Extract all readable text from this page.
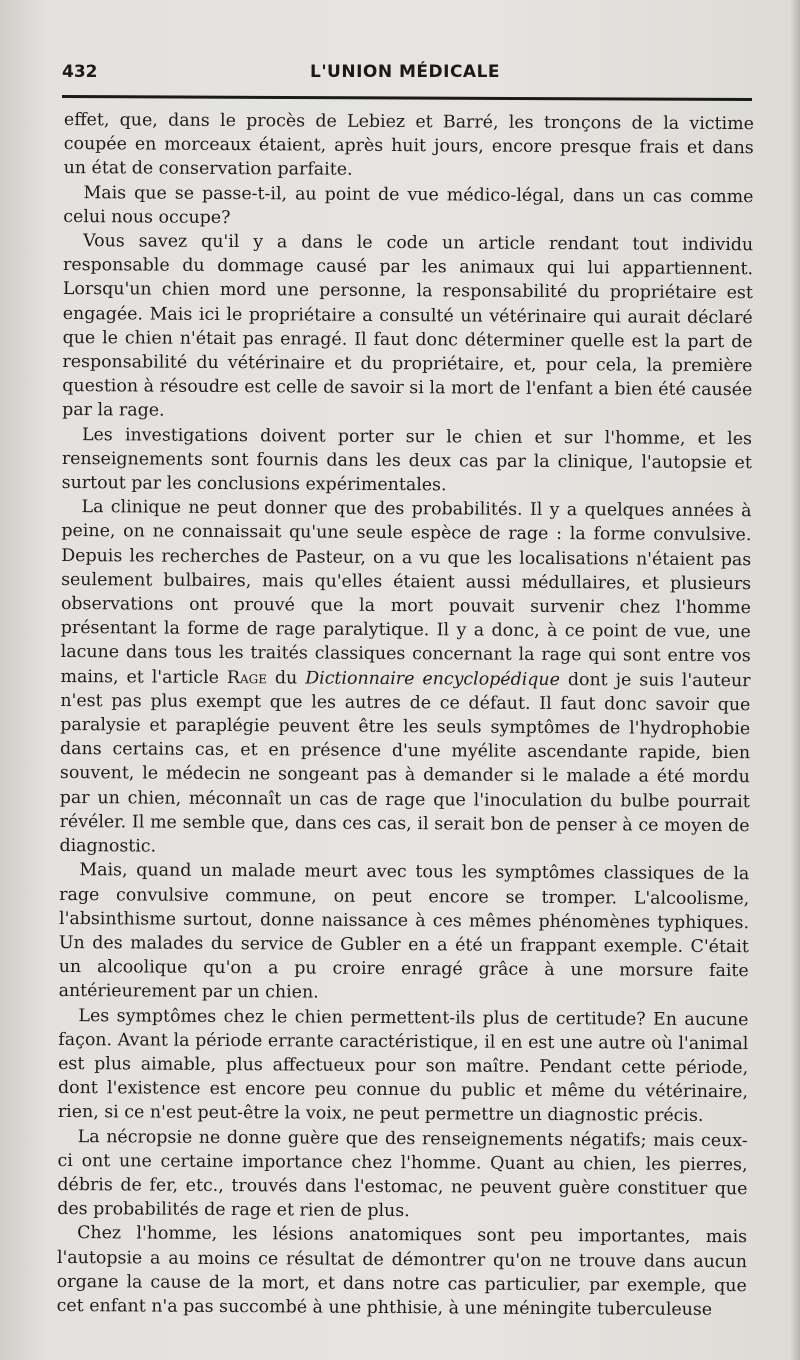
432	L'UNION MÉDICALE

effet, que, dans le procès de Lebiez et Barré, les tronçons de la victime coupée en morceaux étaient, après huit jours, encore presque frais et dans un état de conservation parfaite.

Mais que se passe-t-il, au point de vue médico-légal, dans un cas comme celui nous occupe?

Vous savez qu'il y a dans le code un article rendant tout individu responsable du dommage causé par les animaux qui lui appartiennent. Lorsqu'un chien mord une personne, la responsabilité du propriétaire est engagée. Mais ici le propriétaire a consulté un vétérinaire qui aurait déclaré que le chien n'était pas enragé. Il faut donc déterminer quelle est la part de responsabilité du vétérinaire et du propriétaire, et, pour cela, la première question à résoudre est celle de savoir si la mort de l'enfant a bien été causée par la rage.

Les investigations doivent porter sur le chien et sur l'homme, et les renseignements sont fournis dans les deux cas par la clinique, l'autopsie et surtout par les conclusions expérimentales.

La clinique ne peut donner que des probabilités. Il y a quelques années à peine, on ne connaissait qu'une seule espèce de rage : la forme convulsive. Depuis les recherches de Pasteur, on a vu que les localisations n'étaient pas seulement bulbaires, mais qu'elles étaient aussi médullaires, et plusieurs observations ont prouvé que la mort pouvait survenir chez l'homme présentant la forme de rage paralytique. Il y a donc, à ce point de vue, une lacune dans tous les traités classiques concernant la rage qui sont entre vos mains, et l'article Rage du Dictionnaire encyclopédique dont je suis l'auteur n'est pas plus exempt que les autres de ce défaut. Il faut donc savoir que paralysie et paraplégie peuvent être les seuls symptômes de l'hydrophobie dans certains cas, et en présence d'une myélite ascendante rapide, bien souvent, le médecin ne songeant pas à demander si le malade a été mordu par un chien, méconnaît un cas de rage que l'inoculation du bulbe pourrait révéler. Il me semble que, dans ces cas, il serait bon de penser à ce moyen de diagnostic.

Mais, quand un malade meurt avec tous les symptômes classiques de la rage convulsive commune, on peut encore se tromper. L'alcoolisme, l'absinthisme surtout, donne naissance à ces mêmes phénomènes typhiques. Un des malades du service de Gubler en a été un frappant exemple. C'était un alcoolique qu'on a pu croire enragé grâce à une morsure faite antérieurement par un chien.

Les symptômes chez le chien permettent-ils plus de certitude? En aucune façon. Avant la période errante caractéristique, il en est une autre où l'animal est plus aimable, plus affectueux pour son maître. Pendant cette période, dont l'existence est encore peu connue du public et même du vétérinaire, rien, si ce n'est peut-être la voix, ne peut permettre un diagnostic précis.

La nécropsie ne donne guère que des renseignements négatifs; mais ceux-ci ont une certaine importance chez l'homme. Quant au chien, les pierres, débris de fer, etc., trouvés dans l'estomac, ne peuvent guère constituer que des probabilités de rage et rien de plus.

Chez l'homme, les lésions anatomiques sont peu importantes, mais l'autopsie a au moins ce résultat de démontrer qu'on ne trouve dans aucun organe la cause de la mort, et dans notre cas particulier, par exemple, que cet enfant n'a pas succombé à une phthisie, à une méningite tuberculeuse
